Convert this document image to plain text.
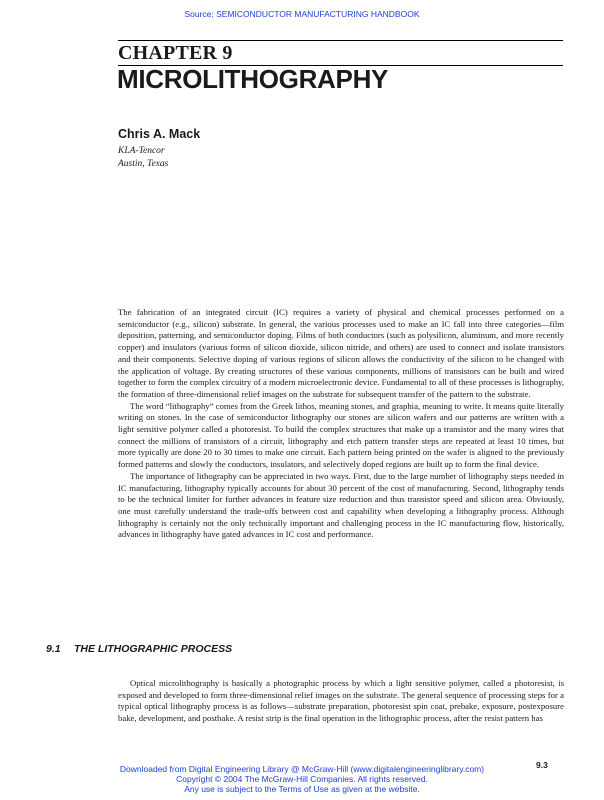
Source: SEMICONDUCTOR MANUFACTURING HANDBOOK
CHAPTER 9
MICROLITHOGRAPHY
Chris A. Mack
KLA-Tencor
Austin, Texas

The fabrication of an integrated circuit (IC) requires a variety of physical and chemical processes performed on a semiconductor (e.g., silicon) substrate. In general, the various processes used to make an IC fall into three categories—film deposition, patterning, and semiconductor doping. Films of both conductors (such as polysilicon, aluminum, and more recently copper) and insulators (various forms of silicon dioxide, silicon nitride, and others) are used to connect and isolate transistors and their components. Selective doping of various regions of silicon allows the conductivity of the silicon to be changed with the application of voltage. By creating structures of these various components, millions of transistors can be built and wired together to form the complex circuitry of a modern microelectronic device. Fundamental to all of these processes is lithography, the formation of three-dimensional relief images on the substrate for subsequent transfer of the pattern to the substrate.

The word “lithography” comes from the Greek lithos, meaning stones, and graphia, meaning to write. It means quite literally writing on stones. In the case of semiconductor lithography our stones are silicon wafers and our patterns are written with a light sensitive polymer called a photoresist. To build the complex structures that make up a transistor and the many wires that connect the millions of transistors of a circuit, lithography and etch pattern transfer steps are repeated at least 10 times, but more typically are done 20 to 30 times to make one circuit. Each pattern being printed on the wafer is aligned to the previously formed patterns and slowly the conductors, insulators, and selectively doped regions are built up to form the final device.

The importance of lithography can be appreciated in two ways. First, due to the large number of lithography steps needed in IC manufacturing, lithography typically accounts for about 30 percent of the cost of manufacturing. Second, lithography tends to be the technical limiter for further advances in feature size reduction and thus transistor speed and silicon area. Obviously, one must carefully understand the trade-offs between cost and capability when developing a lithography process. Although lithography is certainly not the only technically important and challenging process in the IC manufacturing flow, historically, advances in lithography have gated advances in IC cost and performance.

9.1 THE LITHOGRAPHIC PROCESS

Optical microlithography is basically a photographic process by which a light sensitive polymer, called a photoresist, is exposed and developed to form three-dimensional relief images on the substrate. The general sequence of processing steps for a typical optical lithography process is as follows—substrate preparation, photoresist spin coat, prebake, exposure, postexposure bake, development, and postbake. A resist strip is the final operation in the lithographic process, after the resist pattern has

9.3
Downloaded from Digital Engineering Library @ McGraw-Hill (www.digitalengineeringlibrary.com)
Copyright © 2004 The McGraw-Hill Companies. All rights reserved.
Any use is subject to the Terms of Use as given at the website.
